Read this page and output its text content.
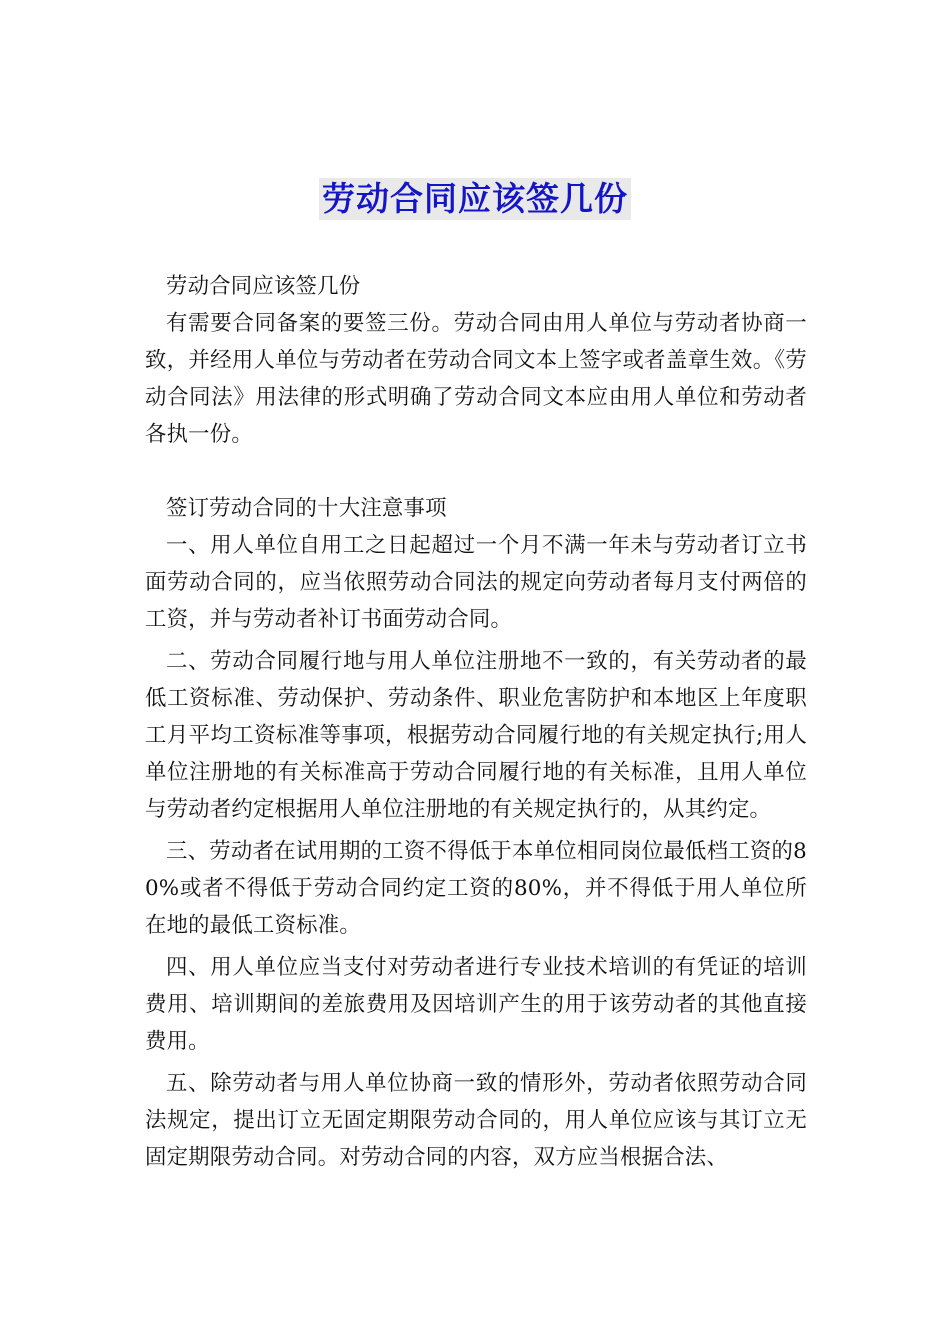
劳动合同应该签几份

劳动合同应该签几份

有需要合同备案的要签三份。劳动合同由用人单位与劳动者协商一致，并经用人单位与劳动者在劳动合同文本上签字或者盖章生效。《劳动合同法》用法律的形式明确了劳动合同文本应由用人单位和劳动者各执一份。

签订劳动合同的十大注意事项

一、用人单位自用工之日起超过一个月不满一年未与劳动者订立书面劳动合同的，应当依照劳动合同法的规定向劳动者每月支付两倍的工资，并与劳动者补订书面劳动合同。

二、劳动合同履行地与用人单位注册地不一致的，有关劳动者的最低工资标准、劳动保护、劳动条件、职业危害防护和本地区上年度职工月平均工资标准等事项，根据劳动合同履行地的有关规定执行;用人单位注册地的有关标准高于劳动合同履行地的有关标准，且用人单位与劳动者约定根据用人单位注册地的有关规定执行的，从其约定。

三、劳动者在试用期的工资不得低于本单位相同岗位最低档工资的80%或者不得低于劳动合同约定工资的80%，并不得低于用人单位所在地的最低工资标准。

四、用人单位应当支付对劳动者进行专业技术培训的有凭证的培训费用、培训期间的差旅费用及因培训产生的用于该劳动者的其他直接费用。

五、除劳动者与用人单位协商一致的情形外，劳动者依照劳动合同法规定，提出订立无固定期限劳动合同的，用人单位应该与其订立无固定期限劳动合同。对劳动合同的内容，双方应当根据合法、
